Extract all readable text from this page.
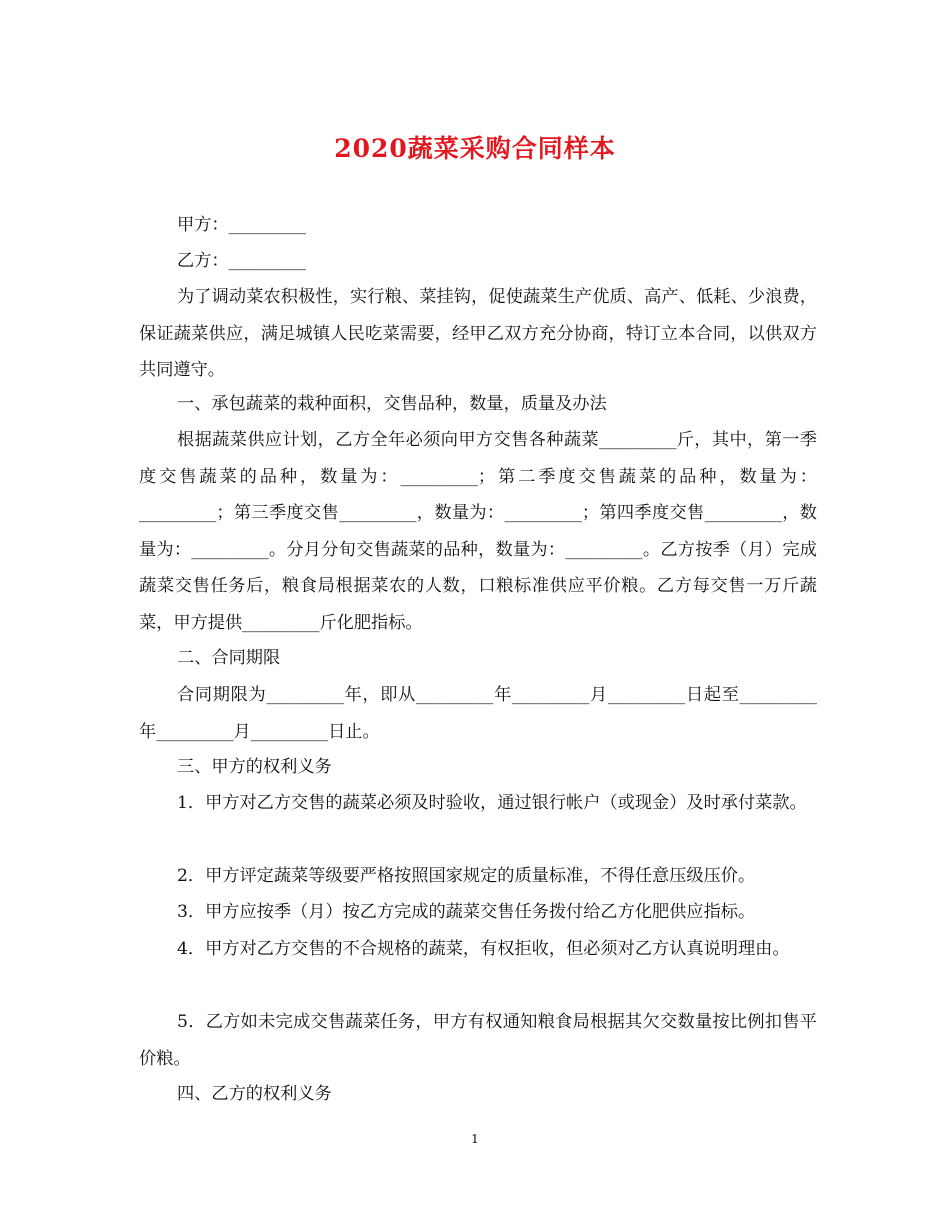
2020蔬菜采购合同样本

甲方：_________

乙方：_________

为了调动菜农积极性，实行粮、菜挂钩，促使蔬菜生产优质、高产、低耗、少浪费，保证蔬菜供应，满足城镇人民吃菜需要，经甲乙双方充分协商，特订立本合同，以供双方共同遵守。

一、承包蔬菜的栽种面积，交售品种，数量，质量及办法

根据蔬菜供应计划，乙方全年必须向甲方交售各种蔬菜_________斤，其中，第一季度交售蔬菜的品种，数量为：_________；第二季度交售蔬菜的品种，数量为：_________；第三季度交售_________，数量为：_________；第四季度交售_________，数量为：_________。分月分旬交售蔬菜的品种，数量为：_________。乙方按季（月）完成蔬菜交售任务后，粮食局根据菜农的人数，口粮标准供应平价粮。乙方每交售一万斤蔬菜，甲方提供_________斤化肥指标。

二、合同期限

合同期限为_________年，即从_________年_________月_________日起至_________年_________月_________日止。

三、甲方的权利义务

1．甲方对乙方交售的蔬菜必须及时验收，通过银行帐户（或现金）及时承付菜款。

2．甲方评定蔬菜等级要严格按照国家规定的质量标准，不得任意压级压价。

3．甲方应按季（月）按乙方完成的蔬菜交售任务拨付给乙方化肥供应指标。

4．甲方对乙方交售的不合规格的蔬菜，有权拒收，但必须对乙方认真说明理由。

5．乙方如未完成交售蔬菜任务，甲方有权通知粮食局根据其欠交数量按比例扣售平价粮。

四、乙方的权利义务

1
